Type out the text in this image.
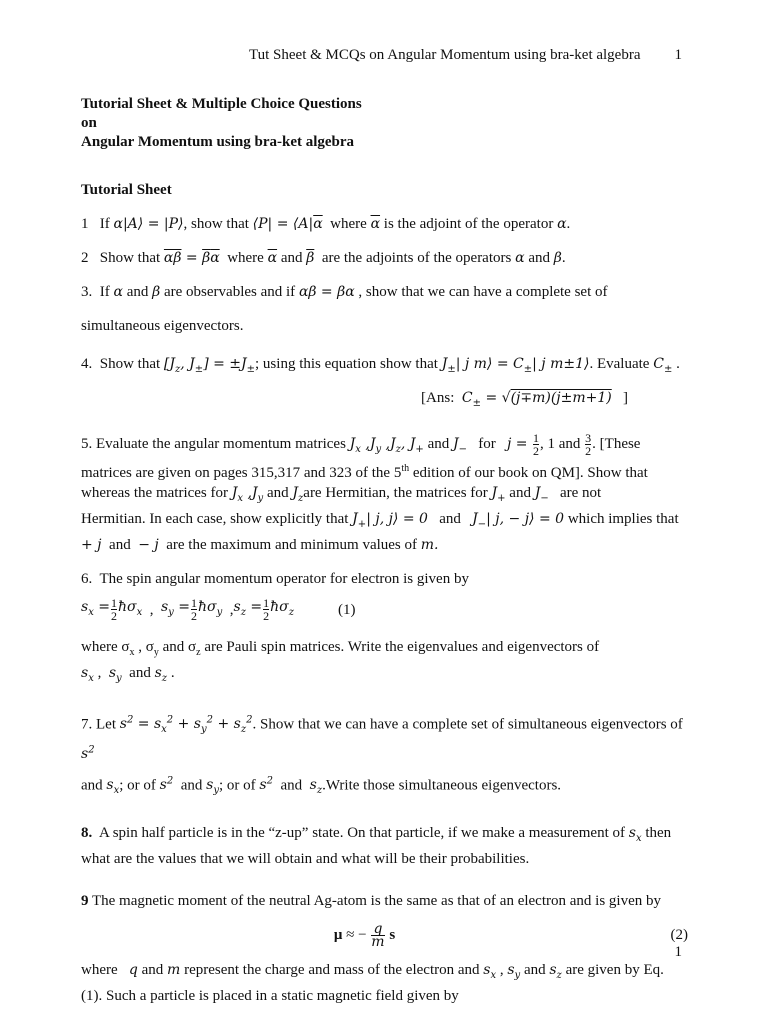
Tut Sheet & MCQs on Angular Momentum using bra-ket algebra 1
Tutorial Sheet & Multiple Choice Questions
on
Angular Momentum using bra-ket algebra
Tutorial Sheet
1 If α|A⟩ = |P⟩, show that ⟨P| = $⟨A|\overline{\alpha}$ where $\overline{\alpha}$ is the adjoint of the operator α.
2 Show that $\overline{\alpha\beta} = \overline{\beta}\overline{\alpha}$ where $\overline{\alpha}$ and $\overline{\beta}$ are the adjoints of the operators α and β.
3. If α and β are observables and if αβ = βα , show that we can have a complete set of
simultaneous eigenvectors.
4. Show that [$J_z$, $J_\pm] = \pm J_\pm$; using this equation show that $J_\pm|$ j m⟩ = $C_\pm|$ j m±1⟩. Evaluate $C_\pm$ .
[Ans: $C_\pm = √(j\mp m)(j\pm m+1)$ ]
5. Evaluate the angular momentum matrices $J_x$ $,J_y$ $,J_z$, $J_+$ and $J_-$ for $j = \frac{1}{2}$ , 1 and $\frac{3}{2}$ . [These
matrices are given on pages 315,317 and 323 of the 5th edition of our book on QM]. Show that
whereas the matrices for $J_x$ $,J_y$ and $J_zare$ Hermitian, the matrices for $J_+$ and $J_-$ are not
Hermitian. In each case, show explicitly that $J_+|$ j, j⟩ = 0 and $J_-|$ j, − j⟩ = 0 which implies that
+ j and − j are the maximum and minimum values of m.
6. The spin angular momentum operator for electron is given by
$s_x = \frac{1}{2}$ $ħ\sigma_x$ , $s_y = \frac{1}{2}$ $ħ\sigma_y$ , $s_z = \frac{1}{2}$ $ħ\sigma_z$	(1)
where $\sigma_x$ , $\sigma_y$ and $\sigma_z$ are Pauli spin matrices. Write the eigenvalues and eigenvectors of
$s_x$ ,  $s_y$ and $s_z$ .
7. Let $s^2 = s_x^2 + s_y^2 + s_z^2$. Show that we can have a complete set of simultaneous eigenvectors of $s^2$

and $s_x$; or of $s^2$ and $s_y$; or of $s^2$ and $s_z.Write$ those simultaneous eigenvectors.
8. A spin half particle is in the “z-up” state. On that particle, if we make a measurement of $s_x$ then
what are the values that we will obtain and what will be their probabilities.
9 The magnetic moment of the neutral Ag-atom is the same as that of an electron and is given by
μ ≈ − $\frac{q}{m}$ s	(2)
where q and m represent the charge and mass of the electron and $s_x$ , $s_y$ and $s_z$ are given by Eq.
(1). Such a particle is placed in a static magnetic field given by
1
